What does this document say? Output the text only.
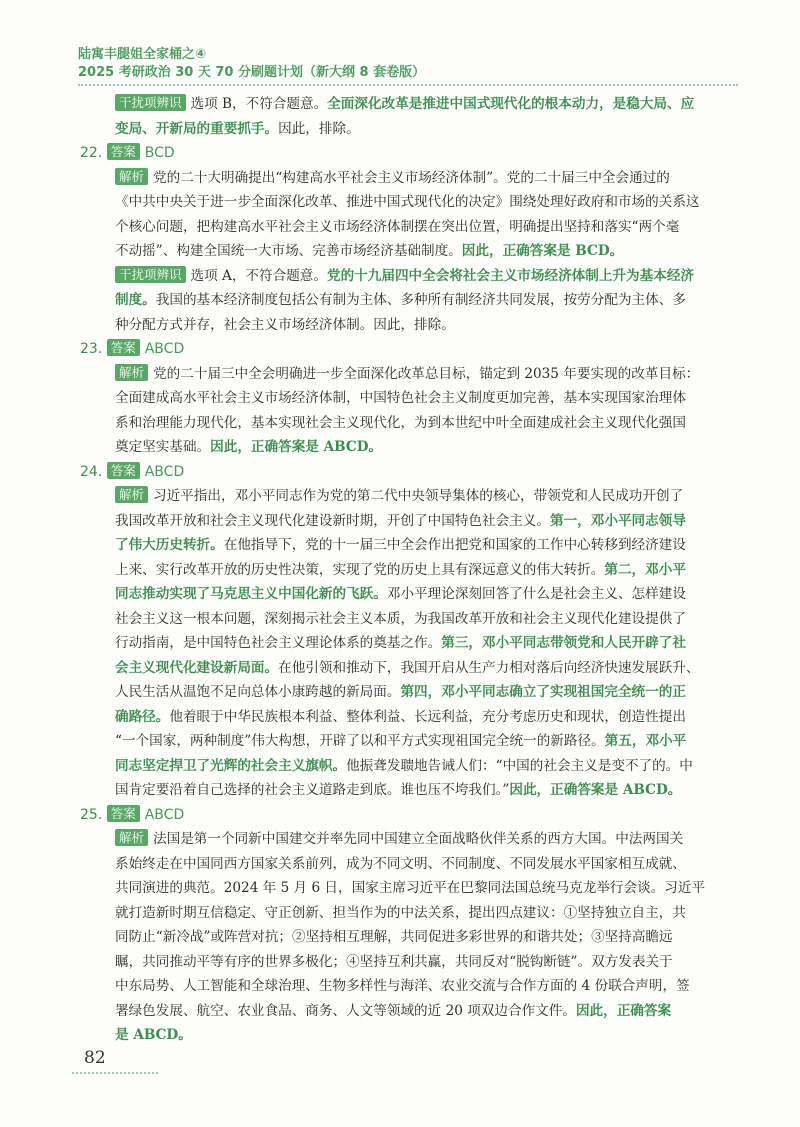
陆寓丰腿姐全家桶之④
2025 考研政治 30 天 70 分刷题计划（新大纲 8 套卷版）
干扰项辨识 选项 B，不符合题意。全面深化改革是推进中国式现代化的根本动力，是稳大局、应
变局、开新局的重要抓手。因此，排除。
22. 答案 BCD
解析 党的二十大明确提出“构建高水平社会主义市场经济体制”。党的二十届三中全会通过的
《中共中央关于进一步全面深化改革、推进中国式现代化的决定》围绕处理好政府和市场的关系这
个核心问题，把构建高水平社会主义市场经济体制摆在突出位置，明确提出坚持和落实“两个毫
不动摇”、构建全国统一大市场、完善市场经济基础制度。因此，正确答案是 BCD。
干扰项辨识 选项 A，不符合题意。党的十九届四中全会将社会主义市场经济体制上升为基本经济
制度。我国的基本经济制度包括公有制为主体、多种所有制经济共同发展，按劳分配为主体、多
种分配方式并存，社会主义市场经济体制。因此，排除。
23. 答案 ABCD
解析 党的二十届三中全会明确进一步全面深化改革总目标，锚定到 2035 年要实现的改革目标：
全面建成高水平社会主义市场经济体制，中国特色社会主义制度更加完善，基本实现国家治理体
系和治理能力现代化，基本实现社会主义现代化，为到本世纪中叶全面建成社会主义现代化强国
奠定坚实基础。因此，正确答案是 ABCD。
24. 答案 ABCD
解析 习近平指出，邓小平同志作为党的第二代中央领导集体的核心，带领党和人民成功开创了
我国改革开放和社会主义现代化建设新时期，开创了中国特色社会主义。第一，邓小平同志领导
了伟大历史转折。在他指导下，党的十一届三中全会作出把党和国家的工作中心转移到经济建设
上来、实行改革开放的历史性决策，实现了党的历史上具有深远意义的伟大转折。第二，邓小平
同志推动实现了马克思主义中国化新的飞跃。邓小平理论深刻回答了什么是社会主义、怎样建设
社会主义这一根本问题，深刻揭示社会主义本质，为我国改革开放和社会主义现代化建设提供了
行动指南，是中国特色社会主义理论体系的奠基之作。第三，邓小平同志带领党和人民开辟了社
会主义现代化建设新局面。在他引领和推动下，我国开启从生产力相对落后向经济快速发展跃升、
人民生活从温饱不足向总体小康跨越的新局面。第四，邓小平同志确立了实现祖国完全统一的正
确路径。他着眼于中华民族根本利益、整体利益、长远利益，充分考虑历史和现状，创造性提出
“一个国家，两种制度”伟大构想，开辟了以和平方式实现祖国完全统一的新路径。第五，邓小平
同志坚定捍卫了光辉的社会主义旗帜。他振聋发聩地告诫人们：“中国的社会主义是变不了的。中
国肯定要沿着自己选择的社会主义道路走到底。谁也压不垮我们。”因此，正确答案是 ABCD。
25. 答案 ABCD
解析 法国是第一个同新中国建交并率先同中国建立全面战略伙伴关系的西方大国。中法两国关
系始终走在中国同西方国家关系前列，成为不同文明、不同制度、不同发展水平国家相互成就、
共同演进的典范。2024 年 5 月 6 日，国家主席习近平在巴黎同法国总统马克龙举行会谈。习近平
就打造新时期互信稳定、守正创新、担当作为的中法关系，提出四点建议：①坚持独立自主，共
同防止“新冷战”或阵营对抗；②坚持相互理解，共同促进多彩世界的和谐共处；③坚持高瞻远
瞩，共同推动平等有序的世界多极化；④坚持互利共赢，共同反对“脱钩断链”。双方发表关于
中东局势、人工智能和全球治理、生物多样性与海洋、农业交流与合作方面的 4 份联合声明，签
署绿色发展、航空、农业食品、商务、人文等领域的近 20 项双边合作文件。因此，正确答案
是 ABCD。
82
